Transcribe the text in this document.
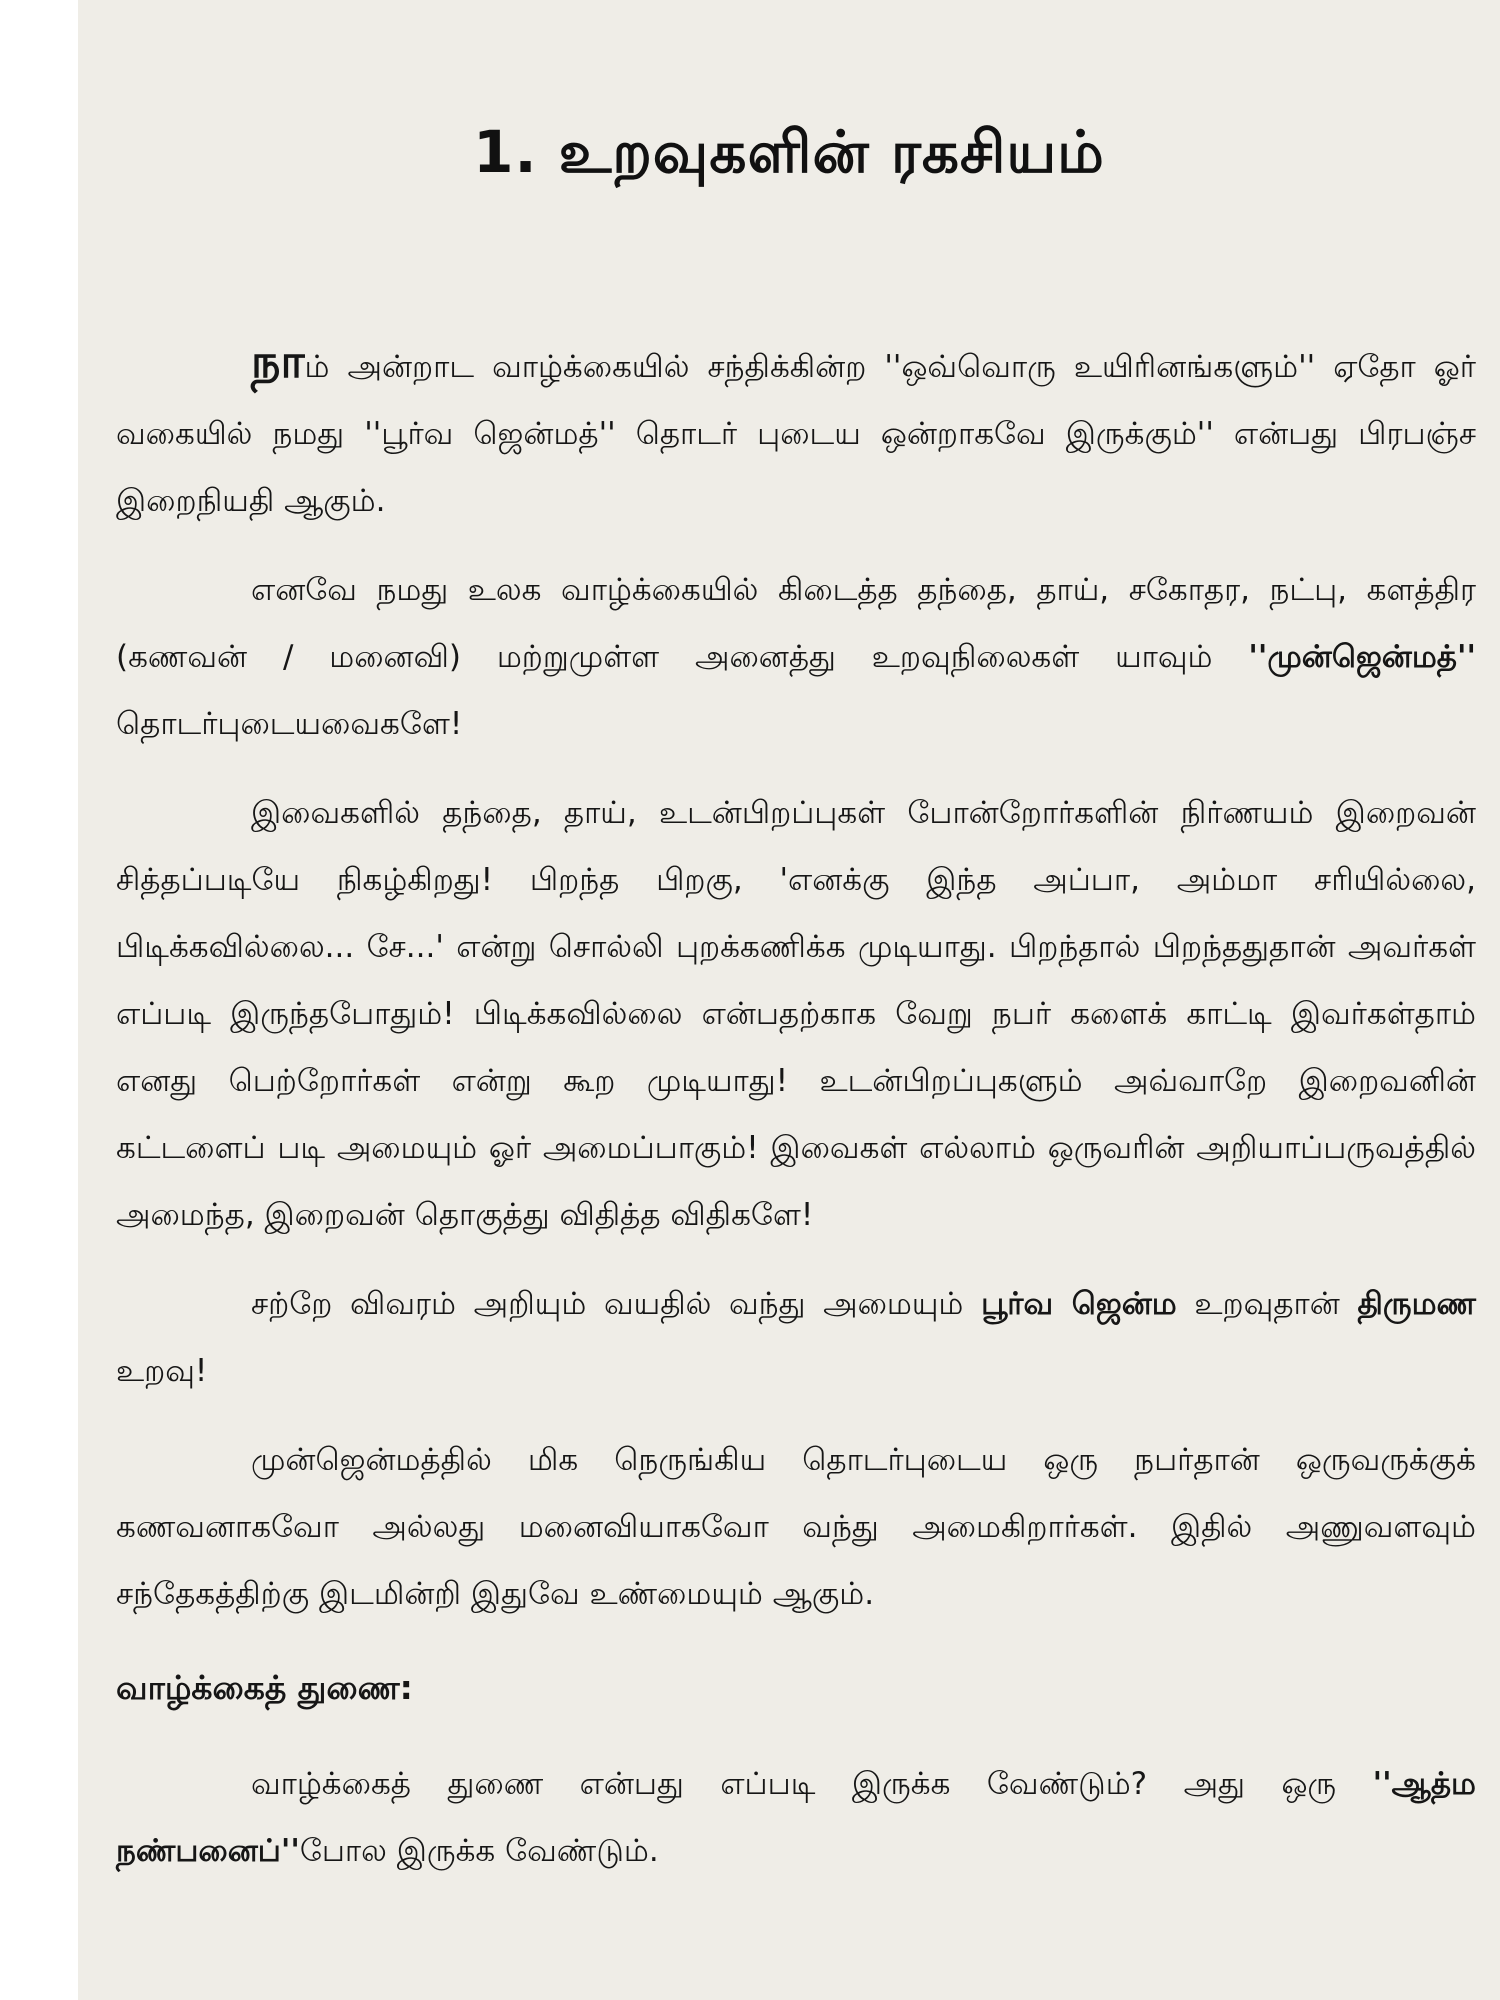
1. உறவுகளின் ரகசியம்

நாம் அன்றாட வாழ்க்கையில் சந்திக்கின்ற ''ஒவ்வொரு உயிரினங்களும்'' ஏதோ ஓர் வகையில் நமது ''பூர்வ ஜென்மத்'' தொடர் புடைய ஒன்றாகவே இருக்கும்'' என்பது பிரபஞ்ச இறைநியதி ஆகும்.

எனவே நமது உலக வாழ்க்கையில் கிடைத்த தந்தை, தாய், சகோதர, நட்பு, களத்திர (கணவன் / மனைவி) மற்றுமுள்ள அனைத்து உறவுநிலைகள் யாவும் ''முன்ஜென்மத்'' தொடர்புடையவைகளே!

இவைகளில் தந்தை, தாய், உடன்பிறப்புகள் போன்றோர்களின் நிர்ணயம் இறைவன் சித்தப்படியே நிகழ்கிறது! பிறந்த பிறகு, 'எனக்கு இந்த அப்பா, அம்மா சரியில்லை, பிடிக்கவில்லை... சே...' என்று சொல்லி புறக்கணிக்க முடியாது. பிறந்தால் பிறந்ததுதான் அவர்கள் எப்படி இருந்தபோதும்! பிடிக்கவில்லை என்பதற்காக வேறு நபர் களைக் காட்டி இவர்கள்தாம் எனது பெற்றோர்கள் என்று கூற முடியாது! உடன்பிறப்புகளும் அவ்வாறே இறைவனின் கட்டளைப் படி அமையும் ஓர் அமைப்பாகும்! இவைகள் எல்லாம் ஒருவரின் அறியாப்பருவத்தில் அமைந்த, இறைவன் தொகுத்து விதித்த விதிகளே!

சற்றே விவரம் அறியும் வயதில் வந்து அமையும் பூர்வ ஜென்ம உறவுதான் திருமண உறவு!

முன்ஜென்மத்தில் மிக நெருங்கிய தொடர்புடைய ஒரு நபர்தான் ஒருவருக்குக் கணவனாகவோ அல்லது மனைவியாகவோ வந்து அமைகிறார்கள். இதில் அணுவளவும் சந்தேகத்திற்கு இடமின்றி இதுவே உண்மையும் ஆகும்.

வாழ்க்கைத் துணை:

வாழ்க்கைத் துணை என்பது எப்படி இருக்க வேண்டும்? அது ஒரு ''ஆத்ம நண்பனைப்''போல இருக்க வேண்டும்.
